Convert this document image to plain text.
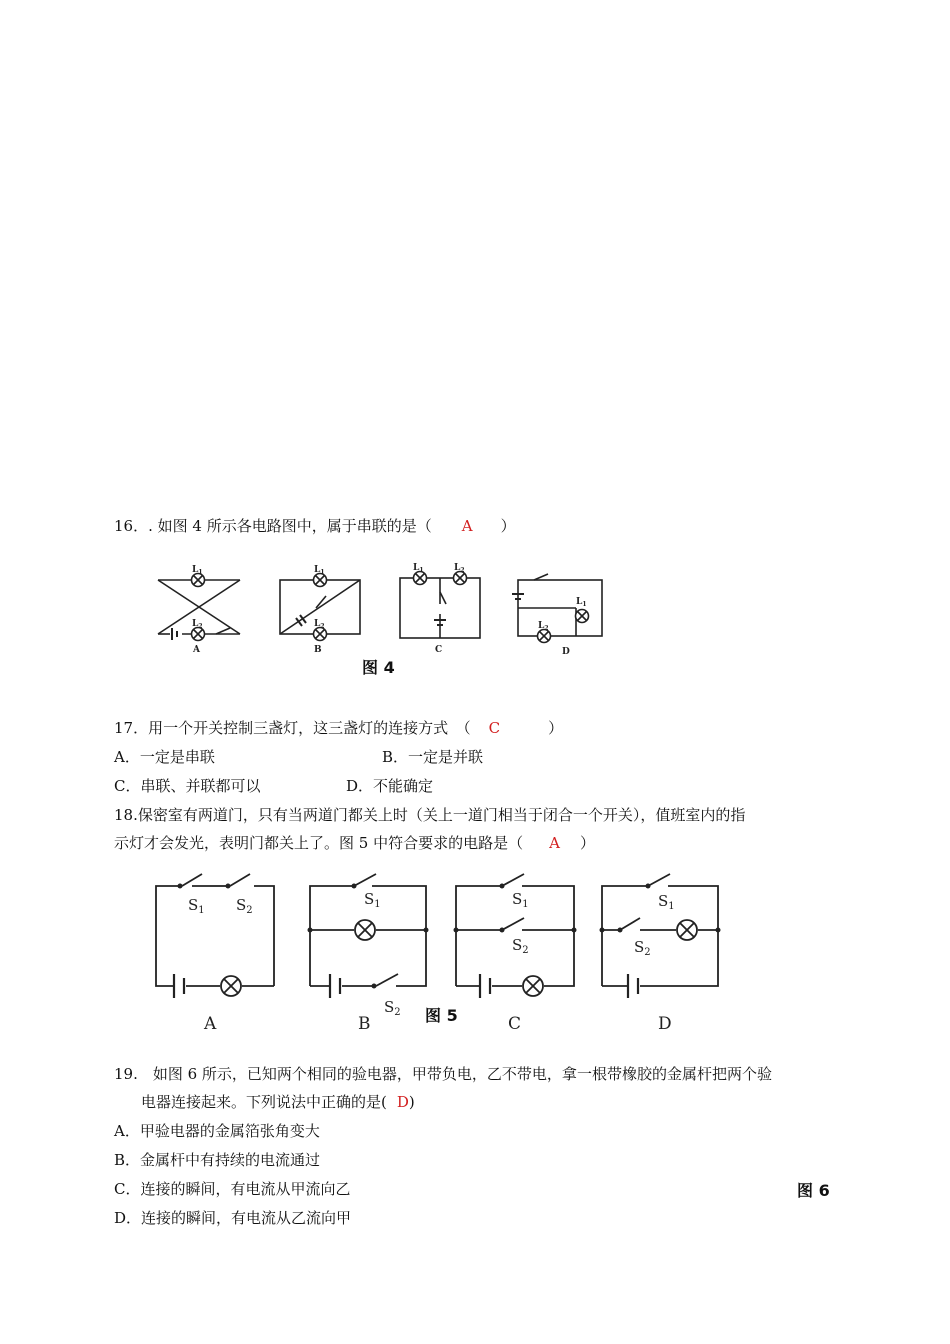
16．. 如图 4 所示各电路图中，属于串联的是（ A ）
$L_1$
$L_2$
A
$L_1$
$L_2$
B
$L_1$	$L_2$
C
$L_1$
$L_2$
D
图 4
17．用一个开关控制三盏灯，这三盏灯的连接方式　（ C	）
A．一定是串联	B．一定是并联
C．串联、并联都可以	D．不能确定
18.保密室有两道门，只有当两道门都关上时（关上一道门相当于闭合一个开关），值班室内的指
示灯才会发光，表明门都关上了。图 5 中符合要求的电路是（ A ）
$S_1$ $S_2$
$S_1$
$S_2$
$S_1$
$S_2$
$S_1$
$S_2$
A	B	C	D
图 5
19.　如图 6 所示，已知两个相同的验电器，甲带负电，乙不带电，拿一根带橡胶的金属杆把两个验
电器连接起来。下列说法中正确的是( D)
A．甲验电器的金属箔张角变大
B．金属杆中有持续的电流通过
C．连接的瞬间，有电流从甲流向乙
D．连接的瞬间，有电流从乙流向甲
图 6
